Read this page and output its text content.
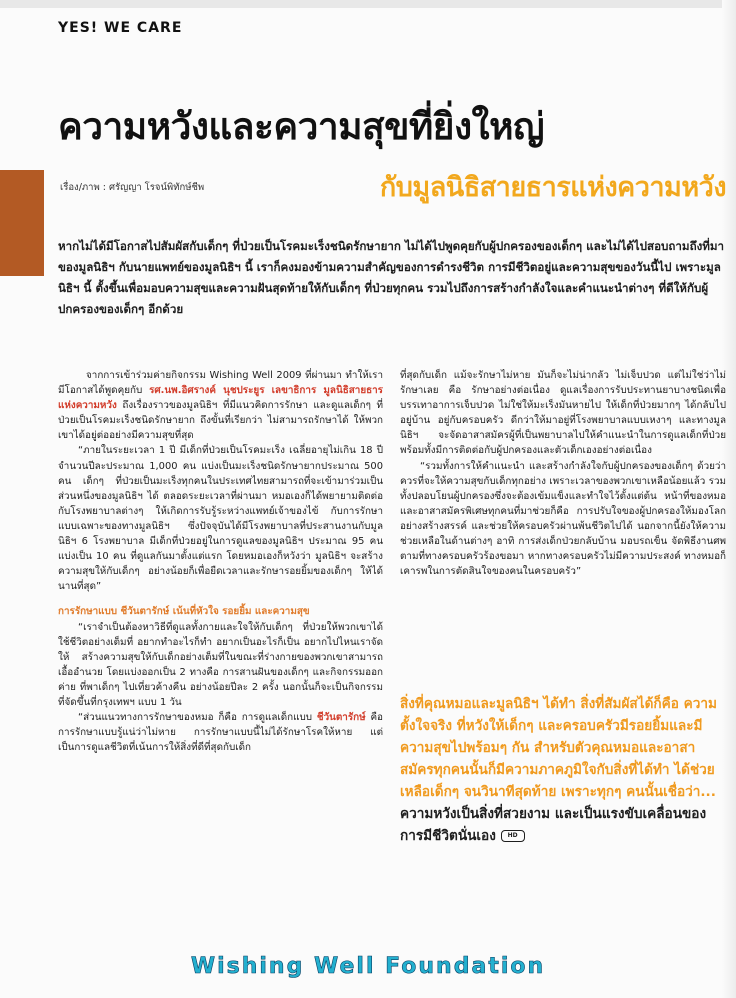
YES! WE CARE
ความหวังและความสุขที่ยิ่งใหญ่
เรื่อง/ภาพ : ศรัญญา โรจน์พิทักษ์ชีพ	กับมูลนิธิสายธารแห่งความหวัง
หากไม่ได้มีโอกาสไปสัมผัสกับเด็กๆ ที่ป่วยเป็นโรคมะเร็งชนิดรักษายาก ไม่ได้ไปพูดคุยกับผู้ปกครองของเด็กๆ และไม่ได้ไปสอบถามถึงที่มาของมูลนิธิฯ กับนายแพทย์ของมูลนิธิฯ นี้ เราก็คงมองข้ามความสำคัญของการดำรงชีวิต การมีชีวิตอยู่และความสุขของวันนี้ไป เพราะมูลนิธิฯ นี้ ตั้งขึ้นเพื่อมอบความสุขและความฝันสุดท้ายให้กับเด็กๆ ที่ป่วยทุกคน รวมไปถึงการสร้างกำลังใจและคำแนะนำต่างๆ ที่ดีให้กับผู้ปกครองของเด็กๆ อีกด้วย

จากการเข้าร่วมค่ายกิจกรรม Wishing Well 2009 ที่ผ่านมา ทำให้เรามีโอกาสได้พูดคุยกับ รศ.นพ.อิศรางค์ นุชประยูร เลขาธิการ มูลนิธิสายธารแห่งความหวัง ถึงเรื่องราวของมูลนิธิฯ ที่มีแนวคิดการรักษา และดูแลเด็กๆ ที่ป่วยเป็นโรคมะเร็งชนิดรักษายาก ถึงขั้นที่เรียกว่า ไม่สามารถรักษาได้ ให้พวกเขาได้อยู่ต่ออย่างมีความสุขที่สุด

“ภายในระยะเวลา 1 ปี มีเด็กที่ป่วยเป็นโรคมะเร็ง เฉลี่ยอายุไม่เกิน 18 ปี จำนวนปีละประมาณ 1,000 คน แบ่งเป็นมะเร็งชนิดรักษายากประมาณ 500 คน เด็กๆ ที่ป่วยเป็นมะเร็งทุกคนในประเทศไทยสามารถที่จะเข้ามาร่วมเป็นส่วนหนึ่งของมูลนิธิฯ ได้ ตลอดระยะเวลาที่ผ่านมา หมอเองก็ได้พยายามติดต่อกับโรงพยาบาลต่างๆ ให้เกิดการรับรู้ระหว่างแพทย์เจ้าของไข้ กับการรักษาแบบเฉพาะของทางมูลนิธิฯ ซึ่งปัจจุบันได้มีโรงพยาบาลที่ประสานงานกับมูลนิธิฯ 6 โรงพยาบาล มีเด็กที่ป่วยอยู่ในการดูแลของมูลนิธิฯ ประมาณ 95 คน แบ่งเป็น 10 คน ที่ดูแลกันมาตั้งแต่แรก โดยหมอเองก็หวังว่า มูลนิธิฯ จะสร้างความสุขให้กับเด็กๆ อย่างน้อยก็เพื่อยืดเวลาและรักษารอยยิ้มของเด็กๆ ให้ได้นานที่สุด”

การรักษาแบบ ชีวันตารักษ์ เน้นที่หัวใจ รอยยิ้ม และความสุข

“เราจำเป็นต้องหาวิธีที่ดูแลทั้งกายและใจให้กับเด็กๆ ที่ป่วยให้พวกเขาได้ใช้ชีวิตอย่างเต็มที่ อยากทำอะไรก็ทำ อยากเป็นอะไรก็เป็น อยากไปไหนเราจัดให้ สร้างความสุขให้กับเด็กอย่างเต็มที่ในขณะที่ร่างกายของพวกเขาสามารถเอื้ออำนวย โดยแบ่งออกเป็น 2 ทางคือ การสานฝันของเด็กๆ และกิจกรรมออกค่าย ที่พาเด็กๆ ไปเที่ยวค้างคืน อย่างน้อยปีละ 2 ครั้ง นอกนั้นก็จะเป็นกิจกรรมที่จัดขึ้นที่กรุงเทพฯ แบบ 1 วัน

“ส่วนแนวทางการรักษาของหมอ ก็คือ การดูแลเด็กแบบ ชีวันตารักษ์ คือ การรักษาแบบรู้แน่ว่าไม่หาย การรักษาแบบนี้ไม่ได้รักษาโรคให้หาย แต่เป็นการดูแลชีวิตที่เน้นการให้สิ่งที่ดีที่สุดกับเด็ก

ที่สุดกับเด็ก แม้จะรักษาไม่หาย มันก็จะไม่น่ากลัว ไม่เจ็บปวด แต่ไม่ใช่ว่าไม่รักษาเลย คือ รักษาอย่างต่อเนื่อง ดูแลเรื่องการรับประทานยาบางชนิดเพื่อบรรเทาอาการเจ็บปวด ไม่ใช่ให้มะเร็งมันหายไป ให้เด็กที่ป่วยมากๆ ได้กลับไปอยู่บ้าน อยู่กับครอบครัว ดีกว่าให้มาอยู่ที่โรงพยาบาลแบบเหงาๆ และทางมูลนิธิฯ จะจัดอาสาสมัครผู้ที่เป็นพยาบาลไปให้คำแนะนำในการดูแลเด็กที่ป่วย พร้อมทั้งมีการติดต่อกับผู้ปกครองและตัวเด็กเองอย่างต่อเนื่อง

“รวมทั้งการให้คำแนะนำ และสร้างกำลังใจกับผู้ปกครองของเด็กๆ ด้วยว่า ควรที่จะให้ความสุขกับเด็กทุกอย่าง เพราะเวลาของพวกเขาเหลือน้อยแล้ว รวมทั้งปลอบโยนผู้ปกครองซึ่งจะต้องเข้มแข็งและทำใจไว้ตั้งแต่ต้น หน้าที่ของหมอและอาสาสมัครพิเศษทุกคนที่มาช่วยก็คือ การปรับใจของผู้ปกครองให้มองโลกอย่างสร้างสรรค์ และช่วยให้ครอบครัวผ่านพ้นชีวิตไปได้ นอกจากนี้ยังให้ความช่วยเหลือในด้านต่างๆ อาทิ การส่งเด็กป่วยกลับบ้าน มอบรถเข็น จัดพิธีงานศพ ตามที่ทางครอบครัวร้องขอมา หากทางครอบครัวไม่มีความประสงค์ ทางหมอก็เคารพในการตัดสินใจของคนในครอบครัว”

สิ่งที่คุณหมอและมูลนิธิฯ ได้ทำ สิ่งที่สัมผัสได้ก็คือ ความตั้งใจจริง ที่หวังให้เด็กๆ และครอบครัวมีรอยยิ้มและมีความสุขไปพร้อมๆ กัน สำหรับตัวคุณหมอและอาสาสมัครทุกคนนั้นก็มีความภาคภูมิใจกับสิ่งที่ได้ทำ ได้ช่วยเหลือเด็กๆ จนวินาทีสุดท้าย เพราะทุกๆ คนนั้นเชื่อว่า... ความหวังเป็นสิ่งที่สวยงาม และเป็นแรงขับเคลื่อนของการมีชีวิตนั่นเอง HD
Wishing Well Foundation
